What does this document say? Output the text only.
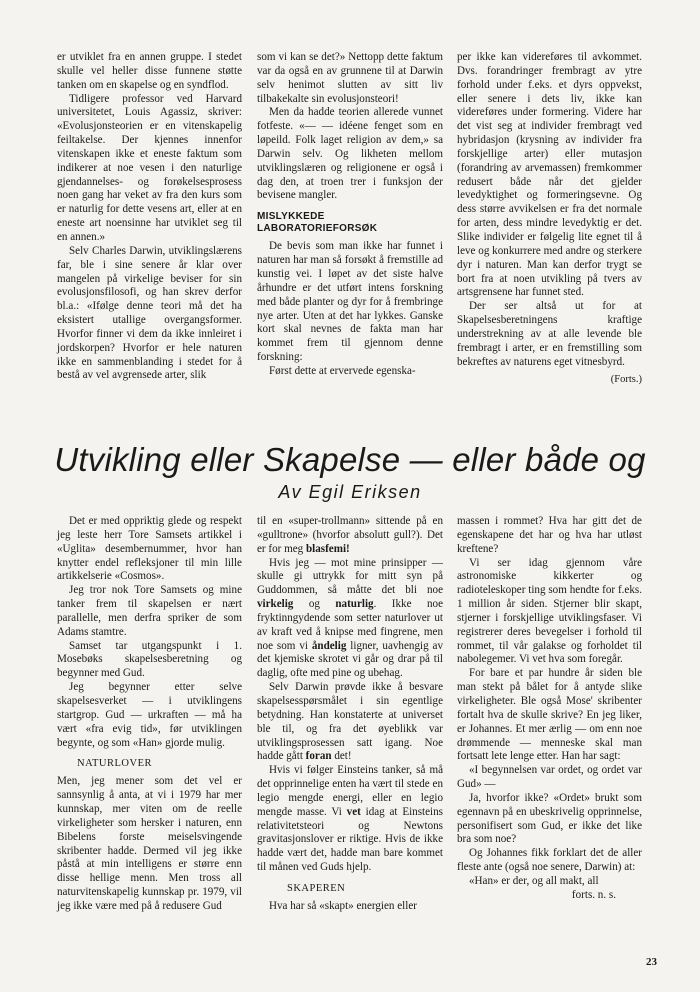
er utviklet fra en annen gruppe. I stedet skulle vel heller disse funnene støtte tanken om en skapelse og en syndflod.

Tidligere professor ved Harvard universitetet, Louis Agassiz, skriver: «Evolusjonsteorien er en vitenskapelig feiltakelse. Der kjennes innenfor vitenskapen ikke et eneste faktum som indikerer at noe vesen i den naturlige gjendannelses- og forøkelsesprosess noen gang har veket av fra den kurs som er naturlig for dette vesens art, eller at en eneste art noensinne har utviklet seg til en annen.»

Selv Charles Darwin, utviklingslærens far, ble i sine senere år klar over mangelen på virkelige beviser for sin evolusjonsfilosofi, og han skrev derfor bl.a.: «Ifølge denne teori må det ha eksistert utallige overgangsformer. Hvorfor finner vi dem da ikke innleiret i jordskorpen? Hvorfor er hele naturen ikke en sammenblanding i stedet for å bestå av vel avgrensede arter, slik

som vi kan se det?» Nettopp dette faktum var da også en av grunnene til at Darwin selv henimot slutten av sitt liv tilbakekalte sin evolusjonsteori!

Men da hadde teorien allerede vunnet fotfeste. «— — idéene fenget som en løpeild. Folk laget religion av dem,» sa Darwin selv. Og likheten mellom utviklingslæren og religionene er også i dag den, at troen trer i funksjon der bevisene mangler.

MISLYKKEDE LABORATORIEFORSØK

De bevis som man ikke har funnet i naturen har man så forsøkt å fremstille ad kunstig vei. I løpet av det siste halve århundre er det utført intens forskning med både planter og dyr for å frembringe nye arter. Uten at det har lykkes. Ganske kort skal nevnes de fakta man har kommet frem til gjennom denne forskning:

Først dette at ervervede egenska-

per ikke kan videreføres til avkommet. Dvs. forandringer frembragt av ytre forhold under f.eks. et dyrs oppvekst, eller senere i dets liv, ikke kan videreføres under formering. Videre har det vist seg at individer frembragt ved hybridasjon (krysning av individer fra forskjellige arter) eller mutasjon (forandring av arvemassen) fremkommer redusert både når det gjelder levedyktighet og formeringsevne. Og dess større avvikelsen er fra det normale for arten, dess mindre levedyktig er det. Slike individer er følgelig lite egnet til å leve og konkurrere med andre og sterkere dyr i naturen. Man kan derfor trygt se bort fra at noen utvikling på tvers av artsgrensene har funnet sted.

Der ser altså ut for at Skapelsesberetningens kraftige understrekning av at alle levende ble frembragt i arter, er en fremstilling som bekreftes av naturens eget vitnesbyrd.

(Forts.)
Utvikling eller Skapelse — eller både og
Av Egil Eriksen

Det er med oppriktig glede og respekt jeg leste herr Tore Samsets artikkel i «Uglita» desembernummer, hvor han knytter endel refleksjoner til min lille artikkelserie «Cosmos».

Jeg tror nok Tore Samsets og mine tanker frem til skapelsen er nært parallelle, men derfra spriker de som Adams stamtre.

Samset tar utgangspunkt i 1. Mosebøks skapelsesberetning og begynner med Gud.

Jeg begynner etter selve skapelsesverket — i utviklingens startgrop. Gud — urkraften — må ha vært «fra evig tid», før utviklingen begynte, og som «Han» gjorde mulig.

NATURLOVER

Men, jeg mener som det vel er sannsynlig å anta, at vi i 1979 har mer kunnskap, mer viten om de reelle virkeligheter som hersker i naturen, enn Bibelens forste meiselsvingende skribenter hadde. Dermed vil jeg ikke påstå at min intelligens er større enn disse hellige menn. Men tross all naturvitenskapelig kunnskap pr. 1979, vil jeg ikke være med på å redusere Gud

til en «super-trollmann» sittende på en «gulltrone» (hvorfor absolutt gull?). Det er for meg blasfemi!

Hvis jeg — mot mine prinsipper — skulle gi uttrykk for mitt syn på Guddommen, så måtte det bli noe virkelig og naturlig. Ikke noe fryktinngydende som setter naturlover ut av kraft ved å knipse med fingrene, men noe som vi åndelig ligner, uavhengig av det kjemiske skrotet vi går og drar på til daglig, ofte med pine og ubehag.

Selv Darwin prøvde ikke å besvare skapelsesspørsmålet i sin egentlige betydning. Han konstaterte at universet ble til, og fra det øyeblikk var utviklingsprosessen satt igang. Noe hadde gått foran det!

Hvis vi følger Einsteins tanker, så må det opprinnelige enten ha vært til stede en legio mengde energi, eller en legio mengde masse. Vi vet idag at Einsteins relativitetsteori og Newtons gravitasjonslover er riktige. Hvis de ikke hadde vært det, hadde man bare kommet til månen ved Guds hjelp.

SKAPEREN

Hva har så «skapt» energien eller

massen i rommet? Hva har gitt det de egenskapene det har og hva har utløst kreftene?

Vi ser idag gjennom våre astronomiske kikkerter og radioteleskoper ting som hendte for f.eks. 1 million år siden. Stjerner blir skapt, stjerner i forskjellige utviklingsfaser. Vi registrerer deres bevegelser i forhold til rommet, til vår galakse og forholdet til nabolegemer. Vi vet hva som foregår.

For bare et par hundre år siden ble man stekt på bålet for å antyde slike virkeligheter. Ble også Mose' skribenter fortalt hva de skulle skrive? En jeg liker, er Johannes. Et mer ærlig — om enn noe drømmende — menneske skal man fortsatt lete lenge etter. Han har sagt:

«I begynnelsen var ordet, og ordet var Gud» —

Ja, hvorfor ikke? «Ordet» brukt som egennavn på en ubeskrivelig opprinnelse, personifisert som Gud, er ikke det like bra som noe?

Og Johannes fikk forklart det de aller fleste ante (også noe senere, Darwin) at:

«Han» er der, og all makt, all

forts. n. s.
23
